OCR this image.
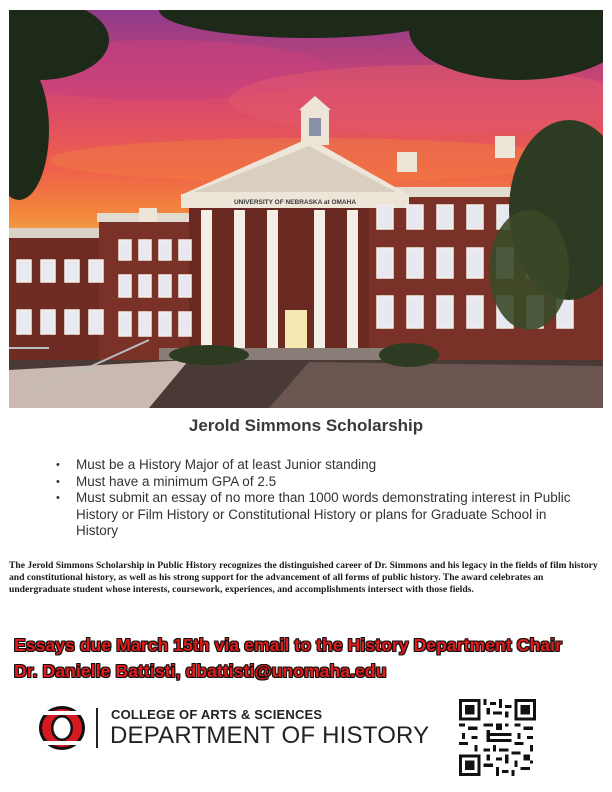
UNIVERSITY OF NEBRASKA at OMAHA
Jerold Simmons Scholarship
• Must be a History Major of at least Junior standing
• Must have a minimum GPA of 2.5
• Must submit an essay of no more than 1000 words demonstrating interest in Public History or Film History or Constitutional History or plans for Graduate School in History

The Jerold Simmons Scholarship in Public History recognizes the distinguished career of Dr. Simmons and his legacy in the fields of film history and constitutional history, as well as his strong support for the advancement of all forms of public history. The award celebrates an undergraduate student whose interests, coursework, experiences, and accomplishments intersect with those fields.

Essays due March 15th via email to the History Department Chair
Dr. Danielle Battisti, dbattisti@unomaha.edu
COLLEGE OF ARTS & SCIENCES
DEPARTMENT OF HISTORY
